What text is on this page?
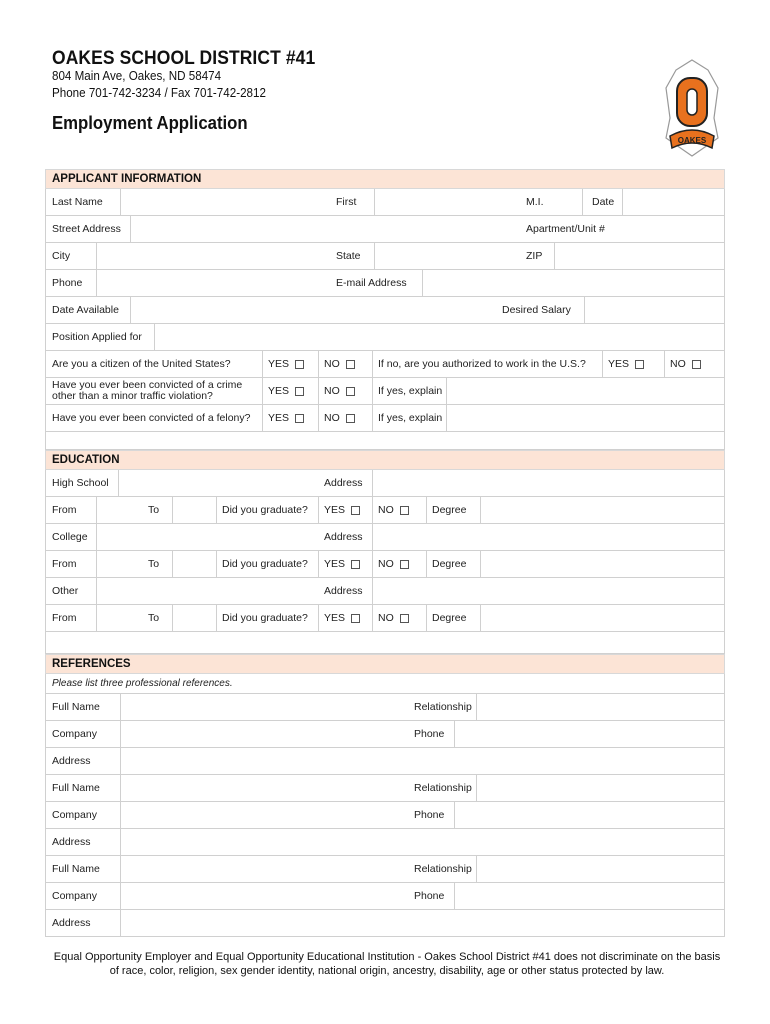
OAKES SCHOOL DISTRICT #41
804 Main Ave, Oakes, ND 58474
Phone 701-742-3234 / Fax 701-742-2812
Employment Application
OAKES
APPLICANT INFORMATION
Last Name	First	M.I.	Date
Street Address	Apartment/Unit #
City	State	ZIP
Phone	E-mail Address
Date Available	Desired Salary
Position Applied for
Are you a citizen of the United States?	YES	NO	If no, are you authorized to work in the U.S.? YES	NO
Have you ever been convicted of a crime other than a minor traffic violation?	YES	NO	If yes, explain
Have you ever been convicted of a felony? YES	NO	If yes, explain
EDUCATION
High School	Address
From	To	Did you graduate? YES	NO	Degree
College	Address
From	To	Did you graduate? YES	NO	Degree
Other	Address
From	To	Did you graduate? YES	NO	Degree
REFERENCES
Please list three professional references.
Full Name	Relationship
Company	Phone
Address
Full Name	Relationship
Company	Phone
Address
Full Name	Relationship
Company	Phone
Address
Equal Opportunity Employer and Equal Opportunity Educational Institution - Oakes School District #41 does not discriminate on the basis of race, color, religion, sex gender identity, national origin, ancestry, disability, age or other status protected by law.
